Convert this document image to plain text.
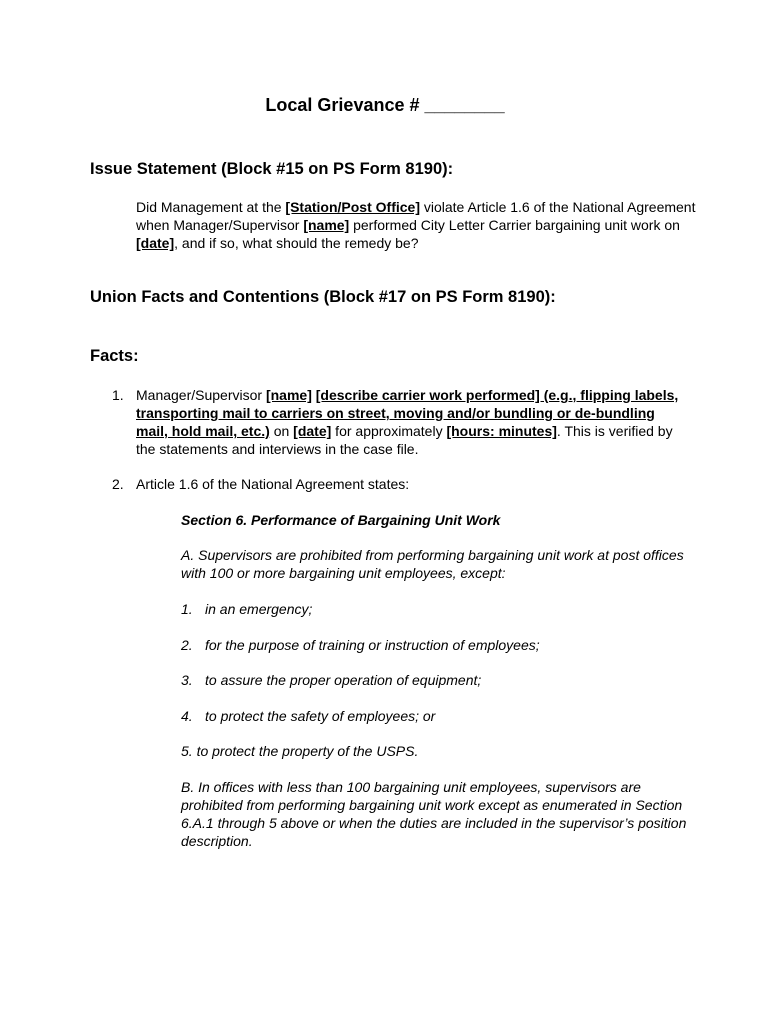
Local Grievance # ________
Issue Statement (Block #15 on PS Form 8190):
Did Management at the [Station/Post Office] violate Article 1.6 of the National Agreement when Manager/Supervisor [name] performed City Letter Carrier bargaining unit work on [date], and if so, what should the remedy be?
Union Facts and Contentions (Block #17 on PS Form 8190):
Facts:
1. Manager/Supervisor [name] [describe carrier work performed] (e.g., flipping labels, transporting mail to carriers on street, moving and/or bundling or de-bundling mail, hold mail, etc.) on [date] for approximately [hours: minutes]. This is verified by the statements and interviews in the case file.
2. Article 1.6 of the National Agreement states:
Section 6. Performance of Bargaining Unit Work
A. Supervisors are prohibited from performing bargaining unit work at post offices with 100 or more bargaining unit employees, except:
1. in an emergency;
2. for the purpose of training or instruction of employees;
3. to assure the proper operation of equipment;
4. to protect the safety of employees; or
5. to protect the property of the USPS.
B. In offices with less than 100 bargaining unit employees, supervisors are prohibited from performing bargaining unit work except as enumerated in Section 6.A.1 through 5 above or when the duties are included in the supervisor’s position description.
